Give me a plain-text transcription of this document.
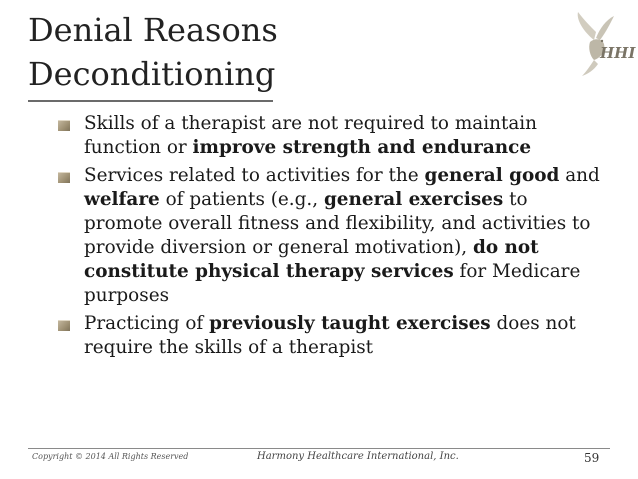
Denial Reasons
Deconditioning
HHI

Skills of a therapist are not required to maintain function or improve strength and endurance

Services related to activities for the general good and welfare of patients (e.g., general exercises to promote overall fitness and flexibility, and activities to provide diversion or general motivation), do not constitute physical therapy services for Medicare purposes

Practicing of previously taught exercises does not require the skills of a therapist

Copyright © 2014 All Rights Reserved	Harmony Healthcare International, Inc.	59
